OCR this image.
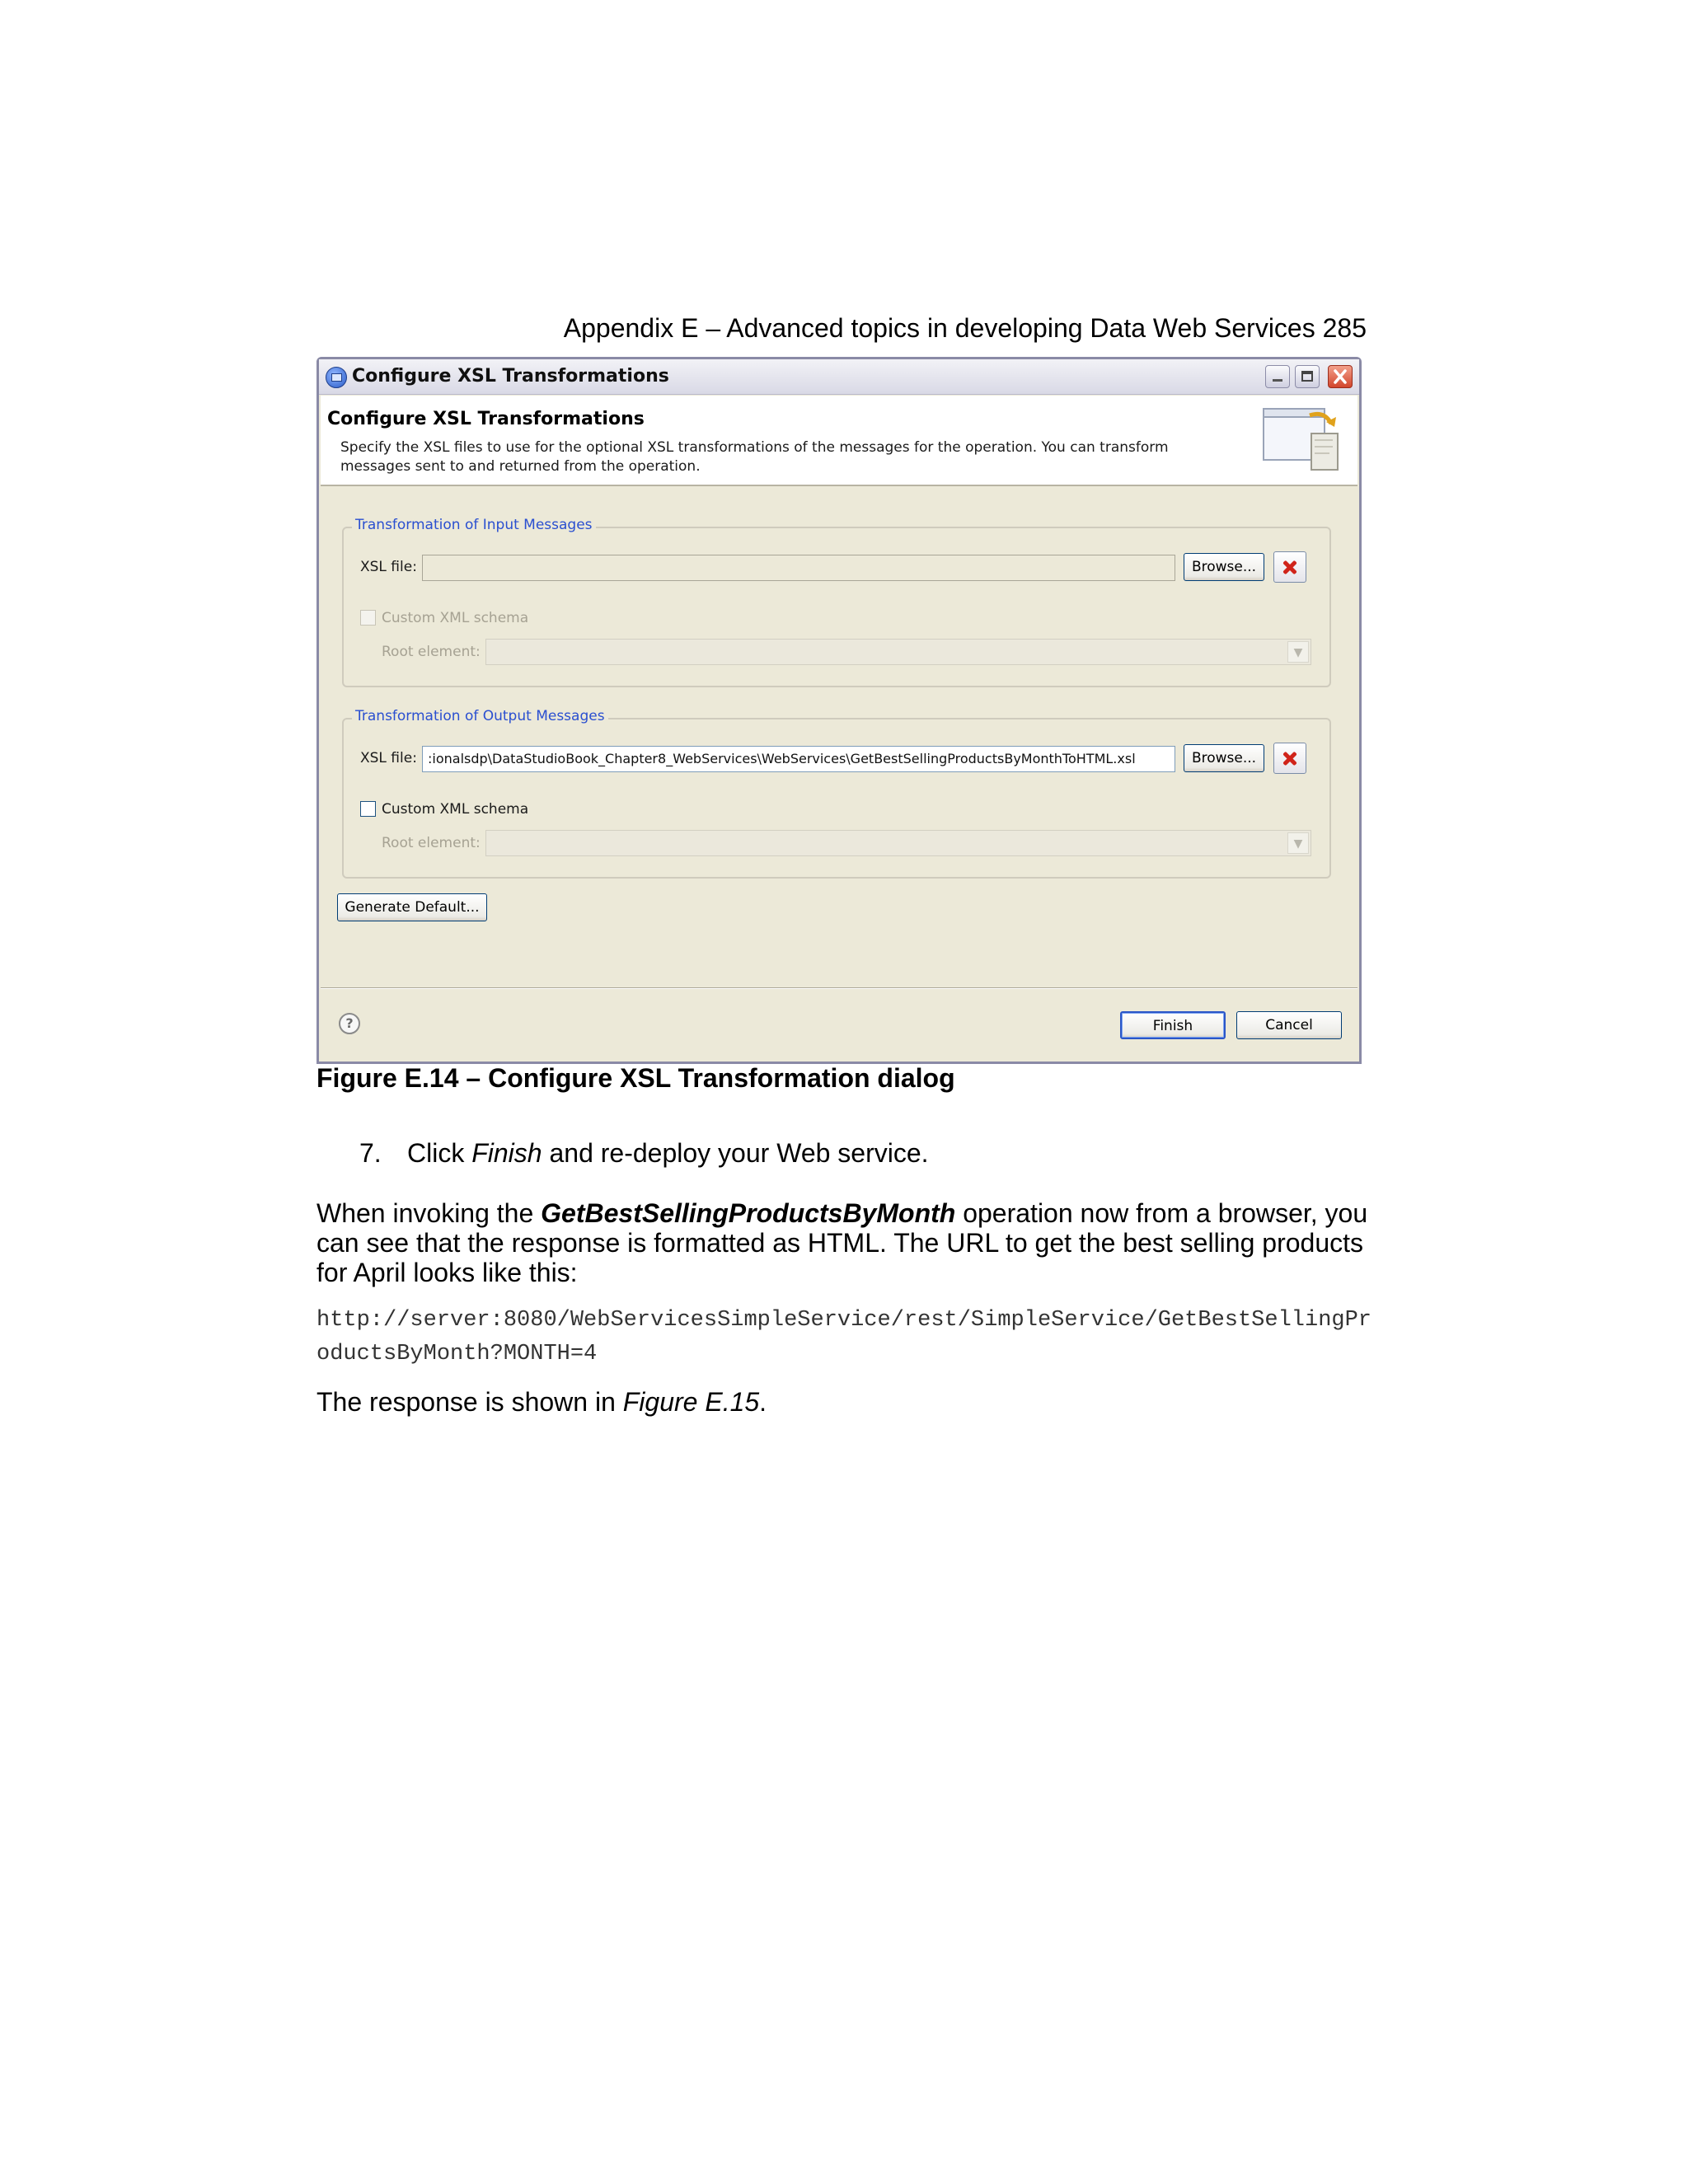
Appendix E – Advanced topics in developing Data Web Services 285
Configure XSL Transformations
Configure XSL Transformations
Specify the XSL files to use for the optional XSL transformations of the messages for the operation. You can transform messages sent to and returned from the operation.
Transformation of Input Messages
XSL file:	Browse...
Custom XML schema
Root element:	▼
Transformation of Output Messages
XSL file: :ionalsdp\DataStudioBook_Chapter8_WebServices\WebServices\GetBestSellingProductsByMonthToHTML.xsl	Browse...
Custom XML schema
Root element:	▼
Generate Default...
?	Finish	Cancel
Figure E.14 – Configure XSL Transformation dialog
7. Click Finish and re-deploy your Web service.
When invoking the GetBestSellingProductsByMonth operation now from a browser, you can see that the response is formatted as HTML. The URL to get the best selling products for April looks like this:
http://server:8080/WebServicesSimpleService/rest/SimpleService/GetBestSellingProductsByMonth?MONTH=4
The response is shown in Figure E.15.
